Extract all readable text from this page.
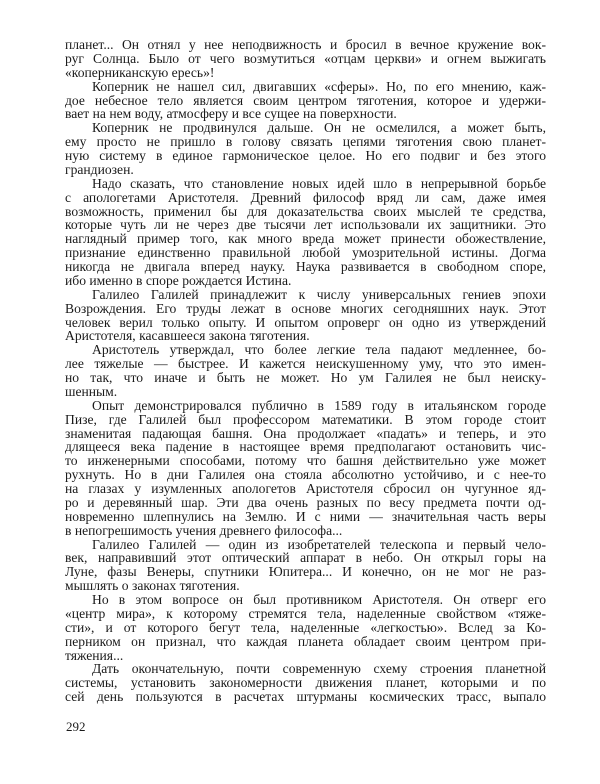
планет... Он отнял у нее неподвижность и бросил в вечное кружение вок-
руг Солнца. Было от чего возмутиться «отцам церкви» и огнем выжигать
«коперниканскую ересь»!
Коперник не нашел сил, двигавших «сферы». Но, по его мнению, каж-
дое небесное тело является своим центром тяготения, которое и удержи-
вает на нем воду, атмосферу и все сущее на поверхности.
Коперник не продвинулся дальше. Он не осмелился, а может быть,
ему просто не пришло в голову связать цепями тяготения свою планет-
ную систему в единое гармоническое целое. Но его подвиг и без этого
грандиозен.
Надо сказать, что становление новых идей шло в непрерывной борьбе
с апологетами Аристотеля. Древний философ вряд ли сам, даже имея
возможность, применил бы для доказательства своих мыслей те средства,
которые чуть ли не через две тысячи лет использовали их защитники. Это
наглядный пример того, как много вреда может принести обожествление,
признание единственно правильной любой умозрительной истины. Догма
никогда не двигала вперед науку. Наука развивается в свободном споре,
ибо именно в споре рождается Истина.
Галилео Галилей принадлежит к числу универсальных гениев эпохи
Возрождения. Его труды лежат в основе многих сегодняшних наук. Этот
человек верил только опыту. И опытом опроверг он одно из утверждений
Аристотеля, касавшееся закона тяготения.
Аристотель утверждал, что более легкие тела падают медленнее, бо-
лее тяжелые — быстрее. И кажется неискушенному уму, что это имен-
но так, что иначе и быть не может. Но ум Галилея не был неиску-
шенным.
Опыт демонстрировался публично в 1589 году в итальянском городе
Пизе, где Галилей был профессором математики. В этом городе стоит
знаменитая падающая башня. Она продолжает «падать» и теперь, и это
длящееся века падение в настоящее время предполагают остановить чис-
то инженерными способами, потому что башня действительно уже может
рухнуть. Но в дни Галилея она стояла абсолютно устойчиво, и с нее-то
на глазах у изумленных апологетов Аристотеля сбросил он чугунное яд-
ро и деревянный шар. Эти два очень разных по весу предмета почти од-
новременно шлепнулись на Землю. И с ними — значительная часть веры
в непогрешимость учения древнего философа...
Галилео Галилей — один из изобретателей телескопа и первый чело-
век, направивший этот оптический аппарат в небо. Он открыл горы на
Луне, фазы Венеры, спутники Юпитера... И конечно, он не мог не раз-
мышлять о законах тяготения.
Но в этом вопросе он был противником Аристотеля. Он отверг его
«центр мира», к которому стремятся тела, наделенные свойством «тяже-
сти», и от которого бегут тела, наделенные «легкостью». Вслед за Ко-
перником он признал, что каждая планета обладает своим центром при-
тяжения...
Дать окончательную, почти современную схему строения планетной
системы, установить закономерности движения планет, которыми и по
сей день пользуются в расчетах штурманы космических трасс, выпало
292
